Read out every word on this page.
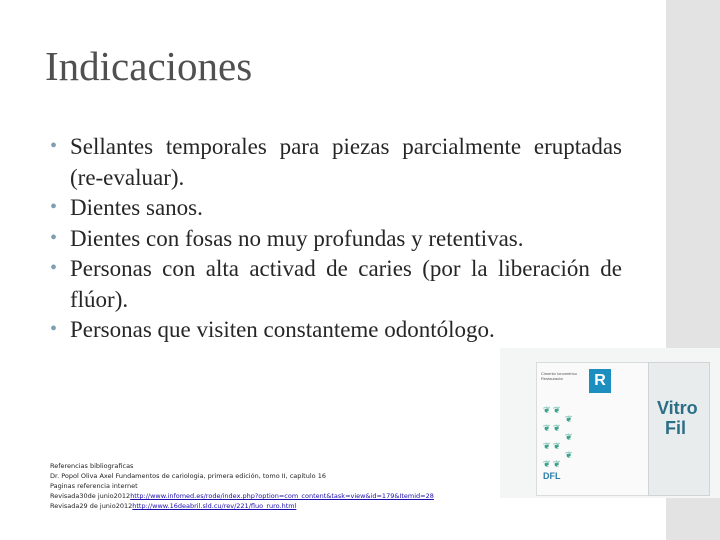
Indicaciones
• Sellantes temporales para piezas parcialmente eruptadas (re-evaluar).
• Dientes sanos.
• Dientes con fosas no muy profundas y retentivas.
• Personas con alta activad de caries (por la liberación de flúor).
• Personas que visiten constanteme odontólogo.
Cimento Ionomérico Restaurador	R
❦ ❦
❦ ❦
❦ ❦
❦ ❦
❦
❦
❦
DFL
Vitro
Fil
Referencias bibliograficas
Dr. Popol Oliva Axel Fundamentos de cariologia, primera edición, tomo II, capítulo 16
Paginas referencia internet
Revisada30de junio2012http://www.infomed.es/rode/index.php?option=com_content&task=view&id=179&Itemid=28
Revisada29 de junio2012http://www.16deabril.sld.cu/rev/221/fluo_ruro.html
